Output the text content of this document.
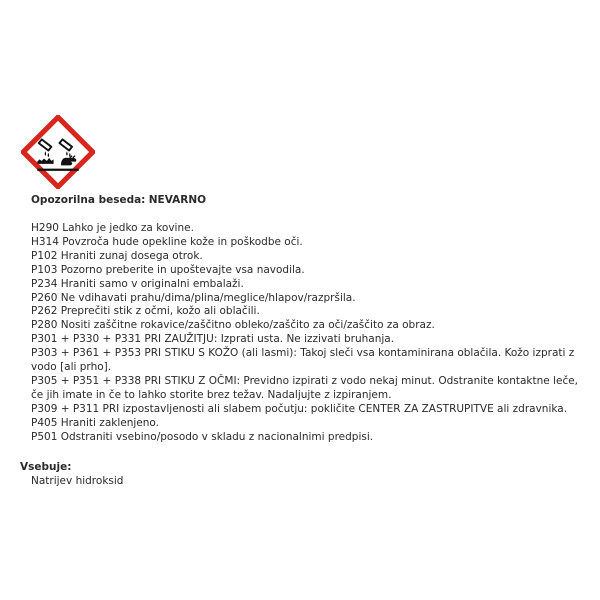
Opozorilna beseda: NEVARNO

H290 Lahko je jedko za kovine.

H314 Povzroča hude opekline kože in poškodbe oči.

P102 Hraniti zunaj dosega otrok.

P103 Pozorno preberite in upoštevajte vsa navodila.

P234 Hraniti samo v originalni embalaži.

P260 Ne vdihavati prahu/dima/plina/meglice/hlapov/razpršila.

P262 Preprečiti stik z očmi, kožo ali oblačili.

P280 Nositi zaščitne rokavice/zaščitno obleko/zaščito za oči/zaščito za obraz.

P301 + P330 + P331 PRI ZAUŽITJU: Izprati usta. Ne izzivati bruhanja.

P303 + P361 + P353 PRI STIKU S KOŽO (ali lasmi): Takoj sleči vsa kontaminirana oblačila. Kožo izprati z vodo [ali prho].

P305 + P351 + P338 PRI STIKU Z OČMI: Previdno izpirati z vodo nekaj minut. Odstranite kontaktne leče, če jih imate in če to lahko storite brez težav. Nadaljujte z izpiranjem.

P309 + P311 PRI izpostavljenosti ali slabem počutju: pokličite CENTER ZA ZASTRUPITVE ali zdravnika.

P405 Hraniti zaklenjeno.

P501 Odstraniti vsebino/posodo v skladu z nacionalnimi predpisi.

Vsebuje:
Natrijev hidroksid
